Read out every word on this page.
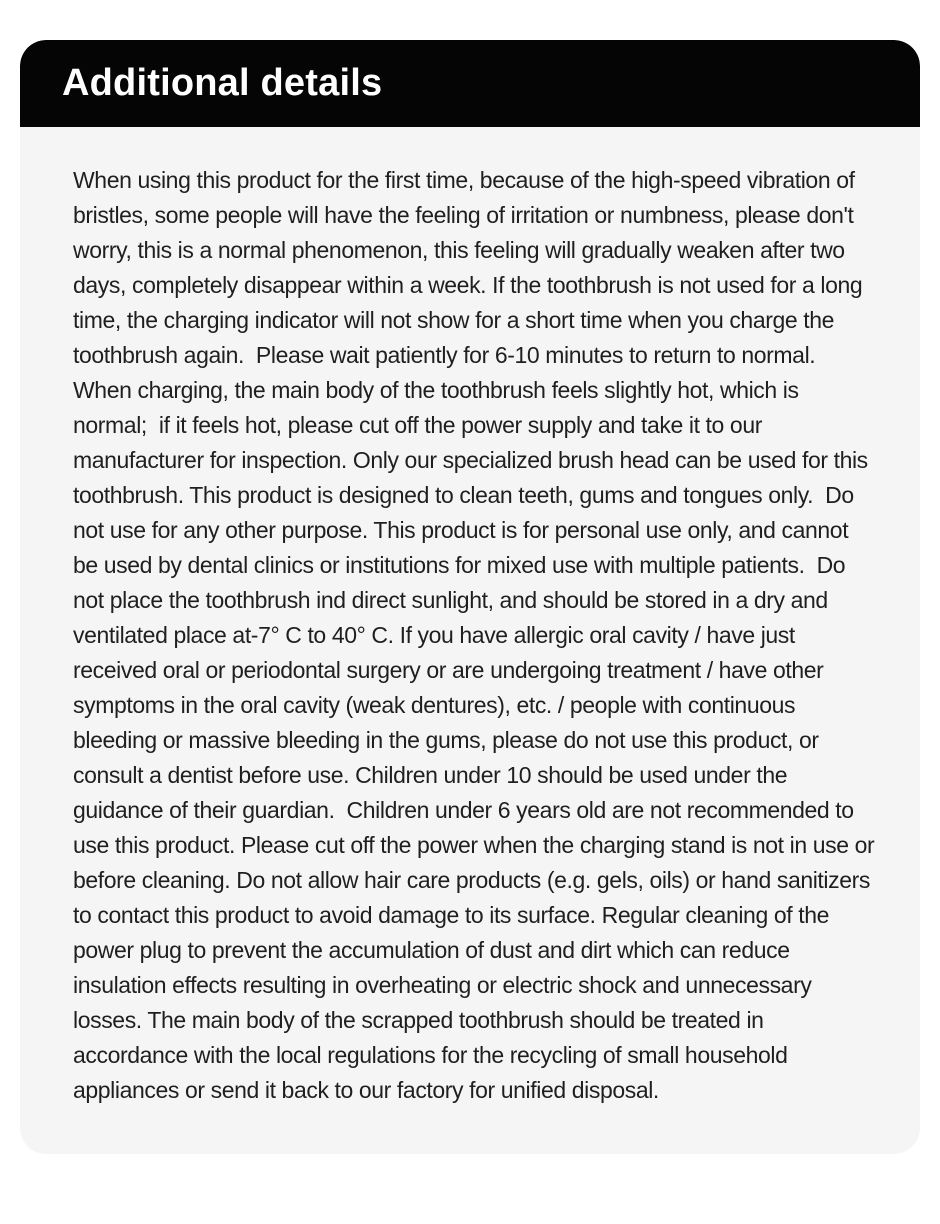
Additional details

When using this product for the first time, because of the high-speed vibration of bristles, some people will have the feeling of irritation or numbness, please don't worry, this is a normal phenomenon, this feeling will gradually weaken after two days, completely disappear within a week. If the toothbrush is not used for a long time, the charging indicator will not show for a short time when you charge the toothbrush again.  Please wait patiently for 6-10 minutes to return to normal. When charging, the main body of the toothbrush feels slightly hot, which is normal;  if it feels hot, please cut off the power supply and take it to our manufacturer for inspection. Only our specialized brush head can be used for this toothbrush. This product is designed to clean teeth, gums and tongues only.  Do not use for any other purpose. This product is for personal use only, and cannot be used by dental clinics or institutions for mixed use with multiple patients.  Do not place the toothbrush ind direct sunlight, and should be stored in a dry and ventilated place at-7° C to 40° C. If you have allergic oral cavity / have just received oral or periodontal surgery or are undergoing treatment / have other symptoms in the oral cavity (weak dentures), etc. / people with continuous bleeding or massive bleeding in the gums, please do not use this product, or consult a dentist before use. Children under 10 should be used under the guidance of their guardian.  Children under 6 years old are not recommended to use this product. Please cut off the power when the charging stand is not in use or before cleaning. Do not allow hair care products (e.g. gels, oils) or hand sanitizers to contact this product to avoid damage to its surface. Regular cleaning of the power plug to prevent the accumulation of dust and dirt which can reduce insulation effects resulting in overheating or electric shock and unnecessary losses. The main body of the scrapped toothbrush should be treated in accordance with the local regulations for the recycling of small household appliances or send it back to our factory for unified disposal.
